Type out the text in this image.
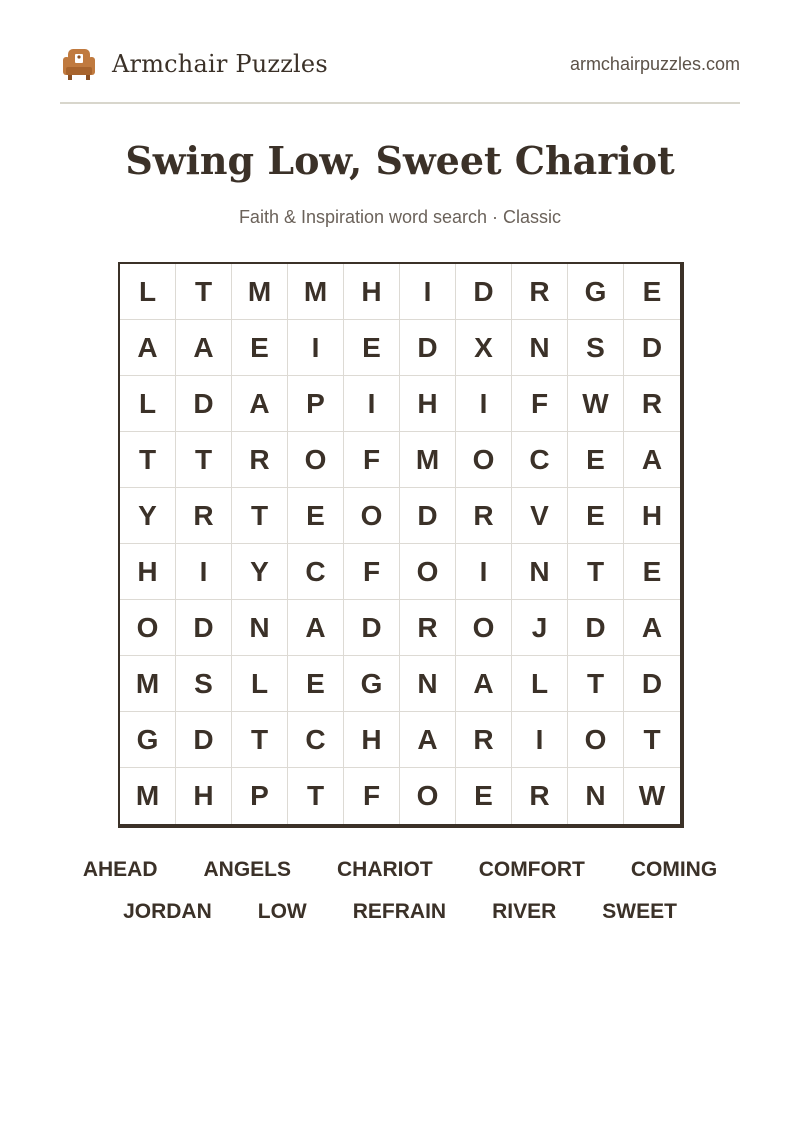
Armchair Puzzles	armchairpuzzles.com
Swing Low, Sweet Chariot
Faith & Inspiration word search · Classic
L	T	M	M	H	I	D	R	G	E
A	A	E	I	E	D	X	N	S	D
L	D	A	P	I	H	I	F	W	R
T	T	R	O	F	M	O	C	E	A
Y	R	T	E	O	D	R	V	E	H
H	I	Y	C	F	O	I	N	T	E
O	D	N	A	D	R	O	J	D	A
M	S	L	E	G	N	A	L	T	D
G	D	T	C	H	A	R	I	O	T
M	H	P	T	F	O	E	R	N	W
AHEAD ANGELS CHARIOT COMFORT COMING
JORDAN LOW REFRAIN RIVER SWEET
